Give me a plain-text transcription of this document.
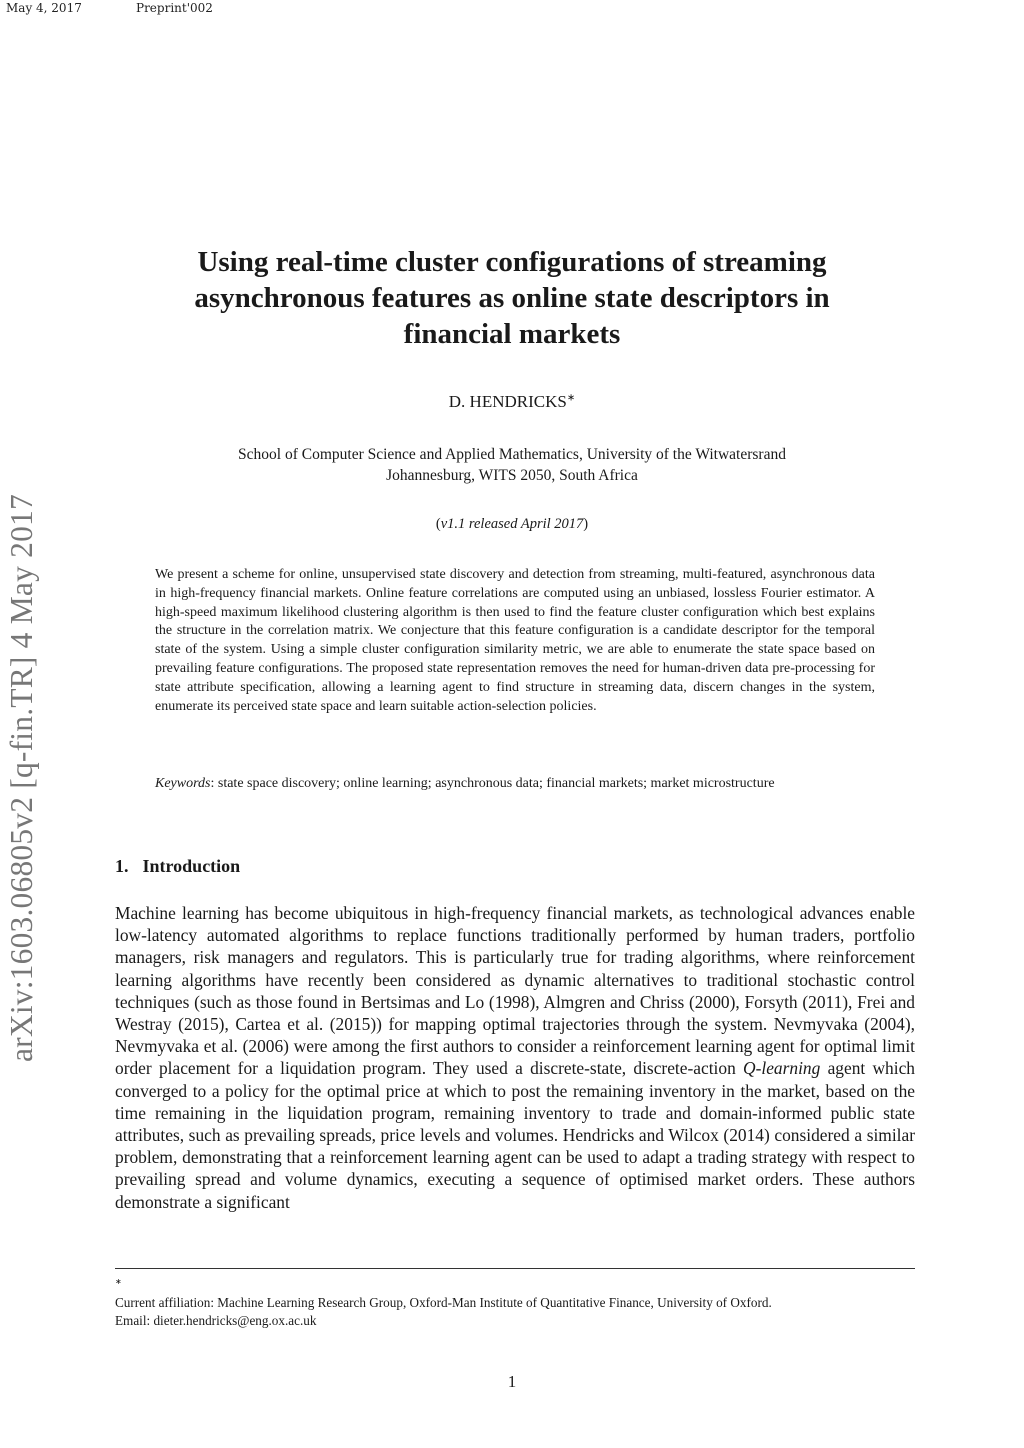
May 4, 2017	Preprint'002
arXiv:1603.06805v2 [q-fin.TR] 4 May 2017
Using real-time cluster configurations of streaming
asynchronous features as online state descriptors in
financial markets
D. HENDRICKS∗
School of Computer Science and Applied Mathematics, University of the Witwatersrand
Johannesburg, WITS 2050, South Africa
(v1.1 released April 2017)
We present a scheme for online, unsupervised state discovery and detection from streaming, multi-featured, asynchronous data in high-frequency financial markets. Online feature correlations are computed using an unbiased, lossless Fourier estimator. A high-speed maximum likelihood clustering algorithm is then used to find the feature cluster configuration which best explains the structure in the correlation matrix. We conjecture that this feature configuration is a candidate descriptor for the temporal state of the system. Using a simple cluster configuration similarity metric, we are able to enumerate the state space based on prevailing feature configurations. The proposed state representation removes the need for human-driven data pre-processing for state attribute specification, allowing a learning agent to find structure in streaming data, discern changes in the system, enumerate its perceived state space and learn suitable action-selection policies.
Keywords: state space discovery; online learning; asynchronous data; financial markets; market microstructure
1. Introduction
Machine learning has become ubiquitous in high-frequency financial markets, as technological advances enable low-latency automated algorithms to replace functions traditionally performed by human traders, portfolio managers, risk managers and regulators. This is particularly true for trading algorithms, where reinforcement learning algorithms have recently been considered as dynamic alternatives to traditional stochastic control techniques (such as those found in Bertsimas and Lo (1998), Almgren and Chriss (2000), Forsyth (2011), Frei and Westray (2015), Cartea et al. (2015)) for mapping optimal trajectories through the system. Nevmyvaka (2004), Nevmyvaka et al. (2006) were among the first authors to consider a reinforcement learning agent for optimal limit order placement for a liquidation program. They used a discrete-state, discrete-action Q-learning agent which converged to a policy for the optimal price at which to post the remaining inventory in the market, based on the time remaining in the liquidation program, remaining inventory to trade and domain-informed public state attributes, such as prevailing spreads, price levels and volumes. Hendricks and Wilcox (2014) considered a similar problem, demonstrating that a reinforcement learning agent can be used to adapt a trading strategy with respect to prevailing spread and volume dynamics, executing a sequence of optimised market orders. These authors demonstrate a significant
∗
Current affiliation: Machine Learning Research Group, Oxford-Man Institute of Quantitative Finance, University of Oxford.
Email: dieter.hendricks@eng.ox.ac.uk
1
